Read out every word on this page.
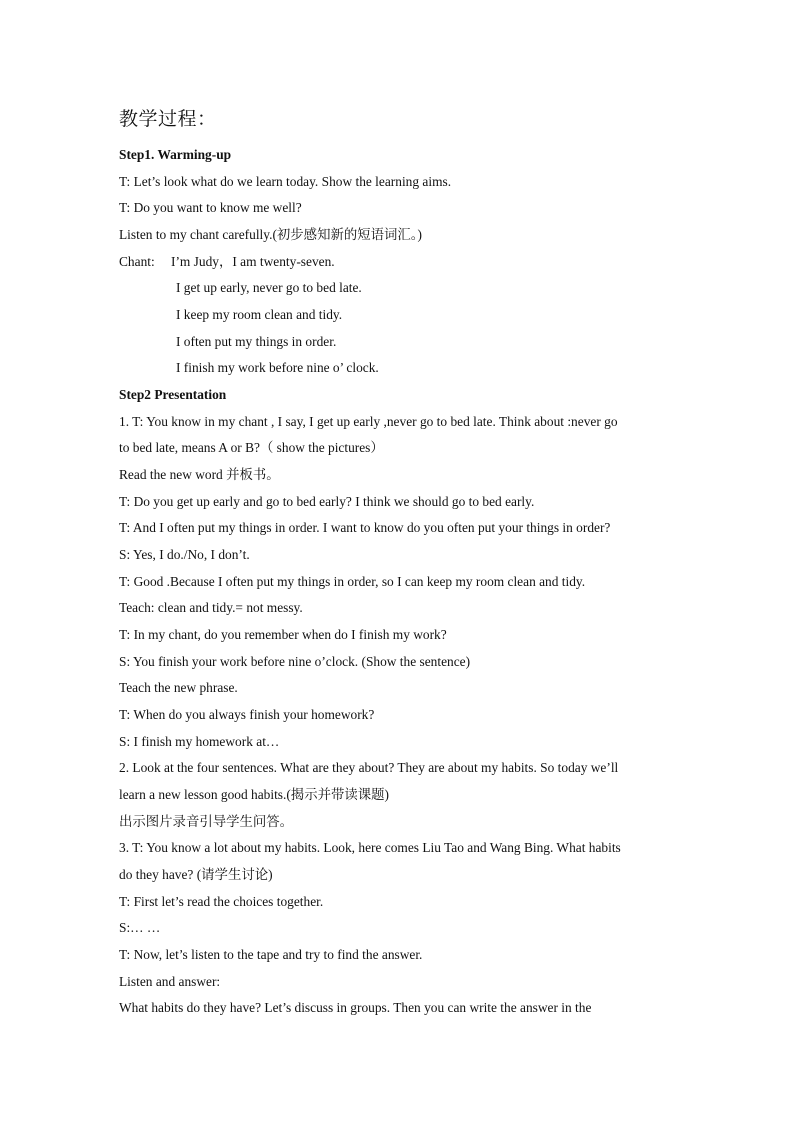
教学过程：
Step1. Warming-up
T: Let’s look what do we learn today. Show the learning aims.
T: Do you want to know me well?
Listen to my chant carefully.(初步感知新的短语词汇。)
Chant: I’m Judy，I am twenty-seven.
I get up early, never go to bed late.
I keep my room clean and tidy.
I often put my things in order.
I finish my work before nine o’ clock.
Step2 Presentation
1. T: You know in my chant , I say, I get up early ,never go to bed late. Think about :never go
to bed late, means A or B?（ show the pictures）
Read the new word 并板书。
T: Do you get up early and go to bed early? I think we should go to bed early.
T: And I often put my things in order. I want to know do you often put your things in order?
S: Yes, I do./No, I don’t.
T: Good .Because I often put my things in order, so I can keep my room clean and tidy.
Teach: clean and tidy.= not messy.
T: In my chant, do you remember when do I finish my work?
S: You finish your work before nine o’clock. (Show the sentence)
Teach the new phrase.
T: When do you always finish your homework?
S: I finish my homework at…
2. Look at the four sentences. What are they about? They are about my habits. So today we’ll
learn a new lesson good habits.(揭示并带读课题)
出示图片录音引导学生问答。
3. T: You know a lot about my habits. Look, here comes Liu Tao and Wang Bing. What habits
do they have? (请学生讨论)
T: First let’s read the choices together.
S:… …
T: Now, let’s listen to the tape and try to find the answer.
Listen and answer:
What habits do they have? Let’s discuss in groups. Then you can write the answer in the
